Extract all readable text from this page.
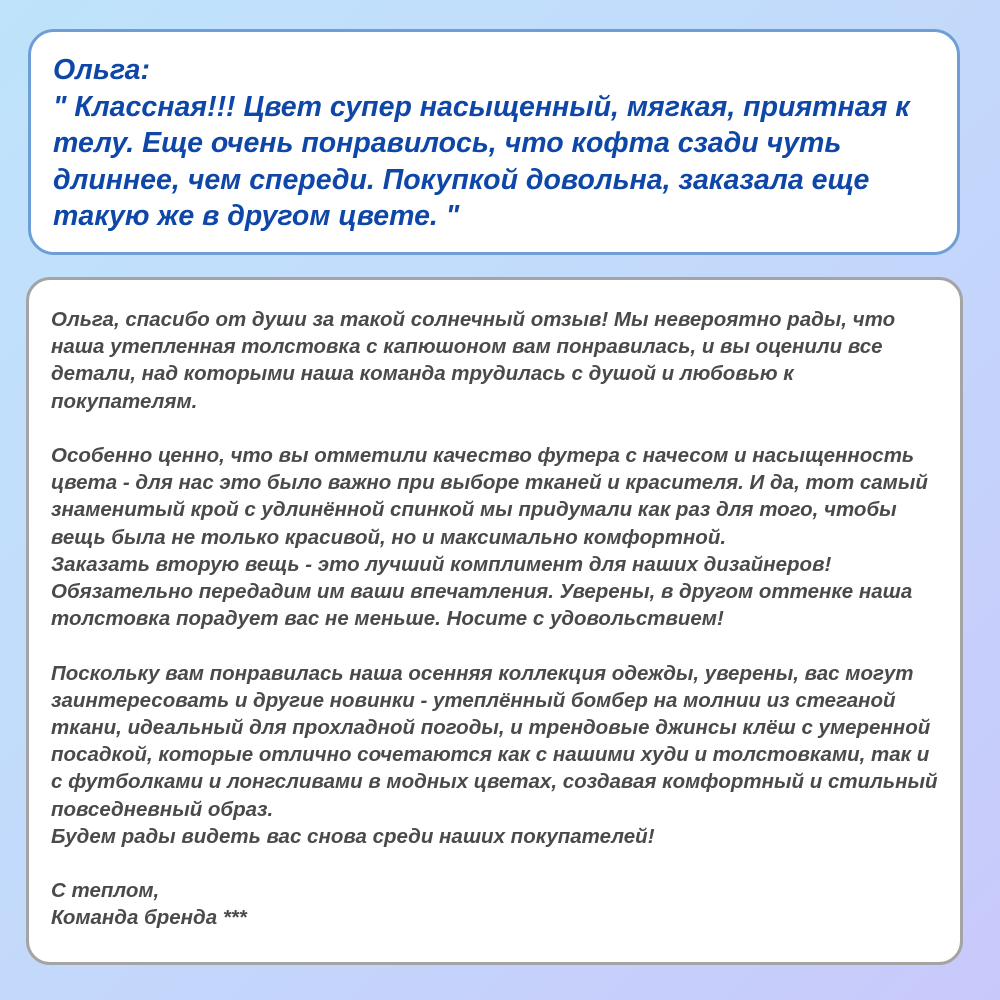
Ольга:

" Классная!!! Цвет супер насыщенный, мягкая, приятная к телу. Еще очень понравилось, что кофта сзади чуть длиннее, чем спереди. Покупкой довольна, заказала еще такую же в другом цвете. "

Ольга, спасибо от души за такой солнечный отзыв! Мы невероятно рады, что наша утепленная толстовка с капюшоном вам понравилась, и вы оценили все детали, над которыми наша команда трудилась с душой и любовью к покупателям.

Особенно ценно, что вы отметили качество футера с начесом и насыщенность цвета - для нас это было важно при выборе тканей и красителя. И да, тот самый знаменитый крой с удлинённой спинкой мы придумали как раз для того, чтобы вещь была не только красивой, но и максимально комфортной.

Заказать вторую вещь - это лучший комплимент для наших дизайнеров! Обязательно передадим им ваши впечатления. Уверены, в другом оттенке наша толстовка порадует вас не меньше. Носите с удовольствием!

Поскольку вам понравилась наша осенняя коллекция одежды, уверены, вас могут заинтересовать и другие новинки - утеплённый бомбер на молнии из стеганой ткани, идеальный для прохладной погоды, и трендовые джинсы клёш с умеренной посадкой, которые отлично сочетаются как с нашими худи и толстовками, так и с футболками и лонгсливами в модных цветах, создавая комфортный и стильный повседневный образ.

Будем рады видеть вас снова среди наших покупателей!

С теплом,

Команда бренда ***
